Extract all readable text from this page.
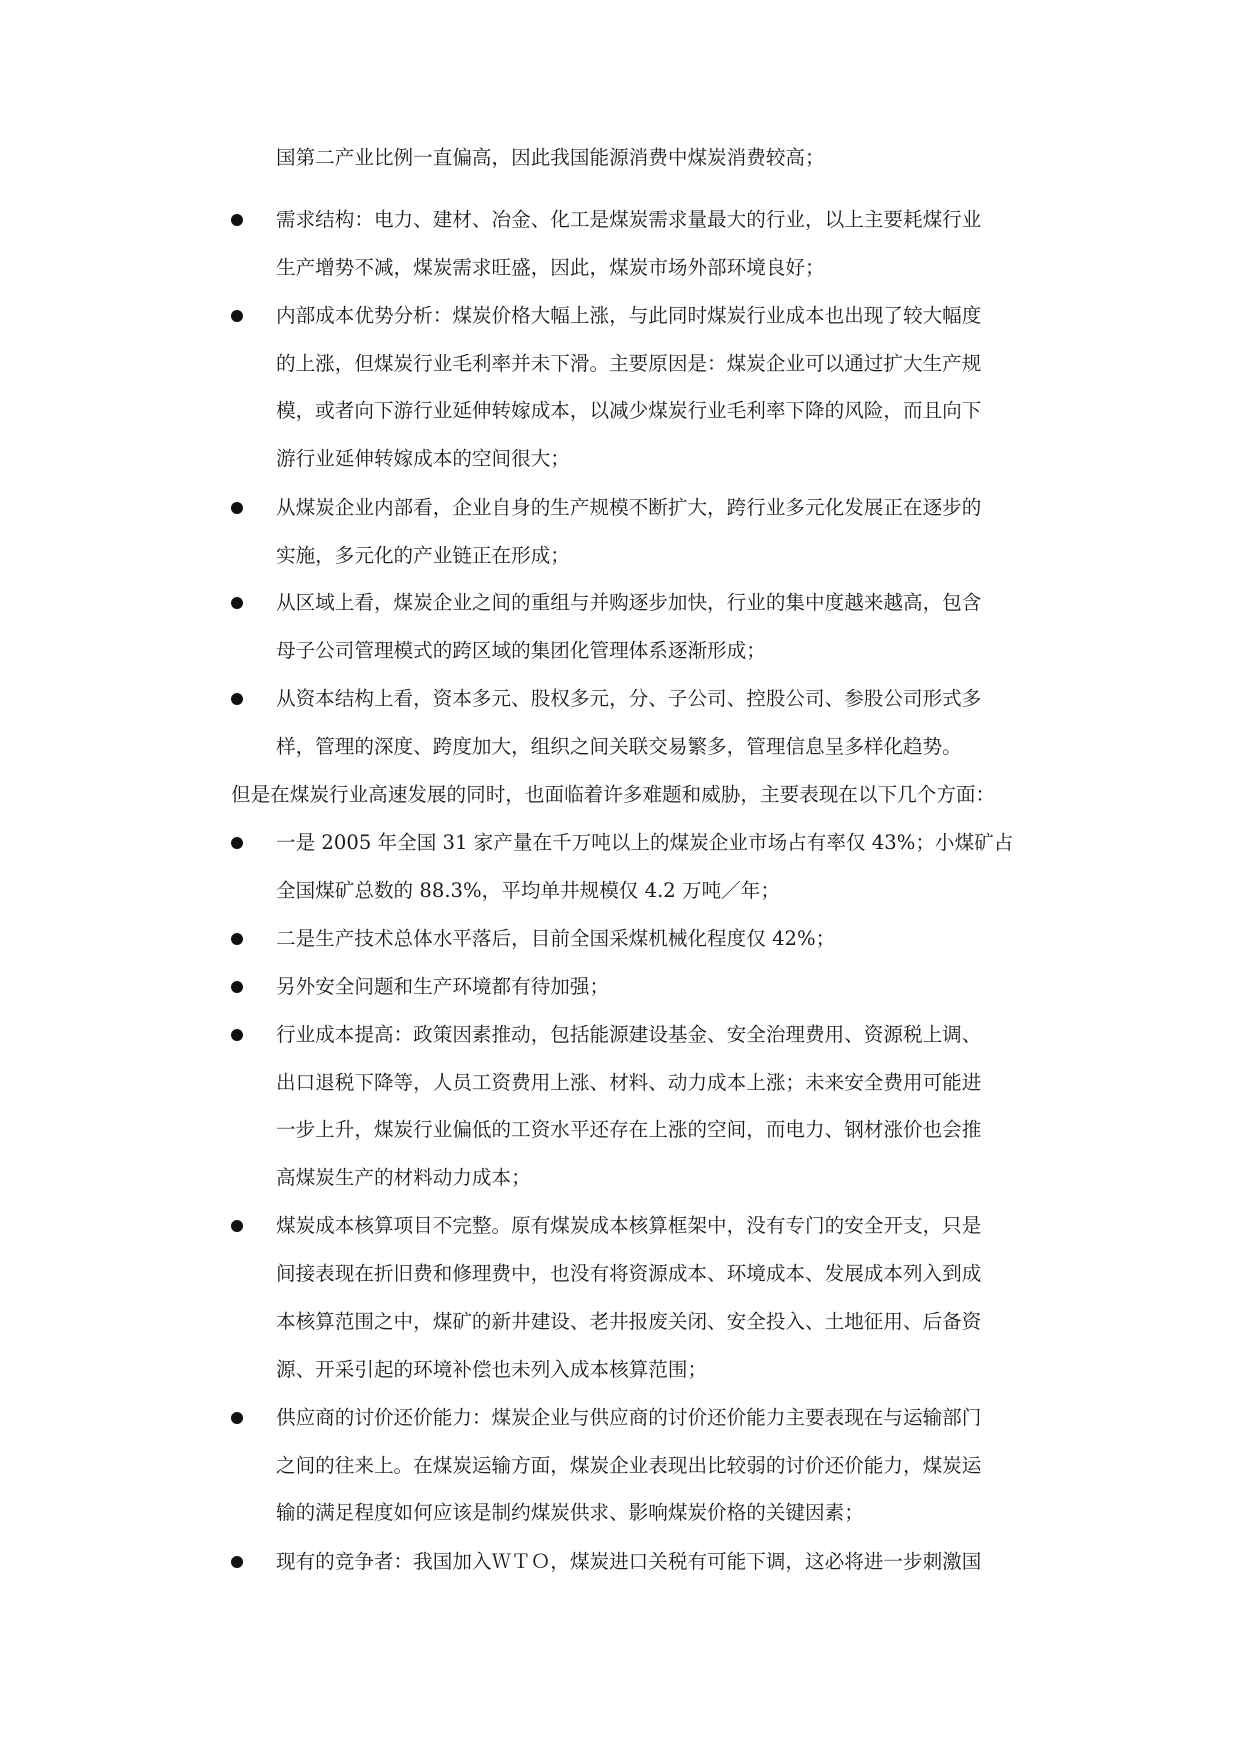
国第二产业比例一直偏高，因此我国能源消费中煤炭消费较高；
需求结构：电力、建材、冶金、化工是煤炭需求量最大的行业，以上主要耗煤行业
生产增势不减，煤炭需求旺盛，因此，煤炭市场外部环境良好；
内部成本优势分析：煤炭价格大幅上涨，与此同时煤炭行业成本也出现了较大幅度
的上涨，但煤炭行业毛利率并未下滑。主要原因是：煤炭企业可以通过扩大生产规
模，或者向下游行业延伸转嫁成本，以减少煤炭行业毛利率下降的风险，而且向下
游行业延伸转嫁成本的空间很大；
从煤炭企业内部看，企业自身的生产规模不断扩大，跨行业多元化发展正在逐步的
实施，多元化的产业链正在形成；
从区域上看，煤炭企业之间的重组与并购逐步加快，行业的集中度越来越高，包含
母子公司管理模式的跨区域的集团化管理体系逐渐形成；
从资本结构上看，资本多元、股权多元，分、子公司、控股公司、参股公司形式多
样，管理的深度、跨度加大，组织之间关联交易繁多，管理信息呈多样化趋势。
但是在煤炭行业高速发展的同时，也面临着许多难题和威胁，主要表现在以下几个方面：
一是 2005 年全国 31 家产量在千万吨以上的煤炭企业市场占有率仅 43%；小煤矿占
全国煤矿总数的 88.3%，平均单井规模仅 4.2 万吨／年；
二是生产技术总体水平落后，目前全国采煤机械化程度仅 42%；
另外安全问题和生产环境都有待加强；
行业成本提高：政策因素推动，包括能源建设基金、安全治理费用、资源税上调、
出口退税下降等，人员工资费用上涨、材料、动力成本上涨；未来安全费用可能进
一步上升，煤炭行业偏低的工资水平还存在上涨的空间，而电力、钢材涨价也会推
高煤炭生产的材料动力成本；
煤炭成本核算项目不完整。原有煤炭成本核算框架中，没有专门的安全开支，只是
间接表现在折旧费和修理费中，也没有将资源成本、环境成本、发展成本列入到成
本核算范围之中，煤矿的新井建设、老井报废关闭、安全投入、土地征用、后备资
源、开采引起的环境补偿也未列入成本核算范围；
供应商的讨价还价能力：煤炭企业与供应商的讨价还价能力主要表现在与运输部门
之间的往来上。在煤炭运输方面，煤炭企业表现出比较弱的讨价还价能力，煤炭运
输的满足程度如何应该是制约煤炭供求、影响煤炭价格的关键因素；
现有的竞争者：我国加入ＷＴＯ，煤炭进口关税有可能下调，这必将进一步刺激国
